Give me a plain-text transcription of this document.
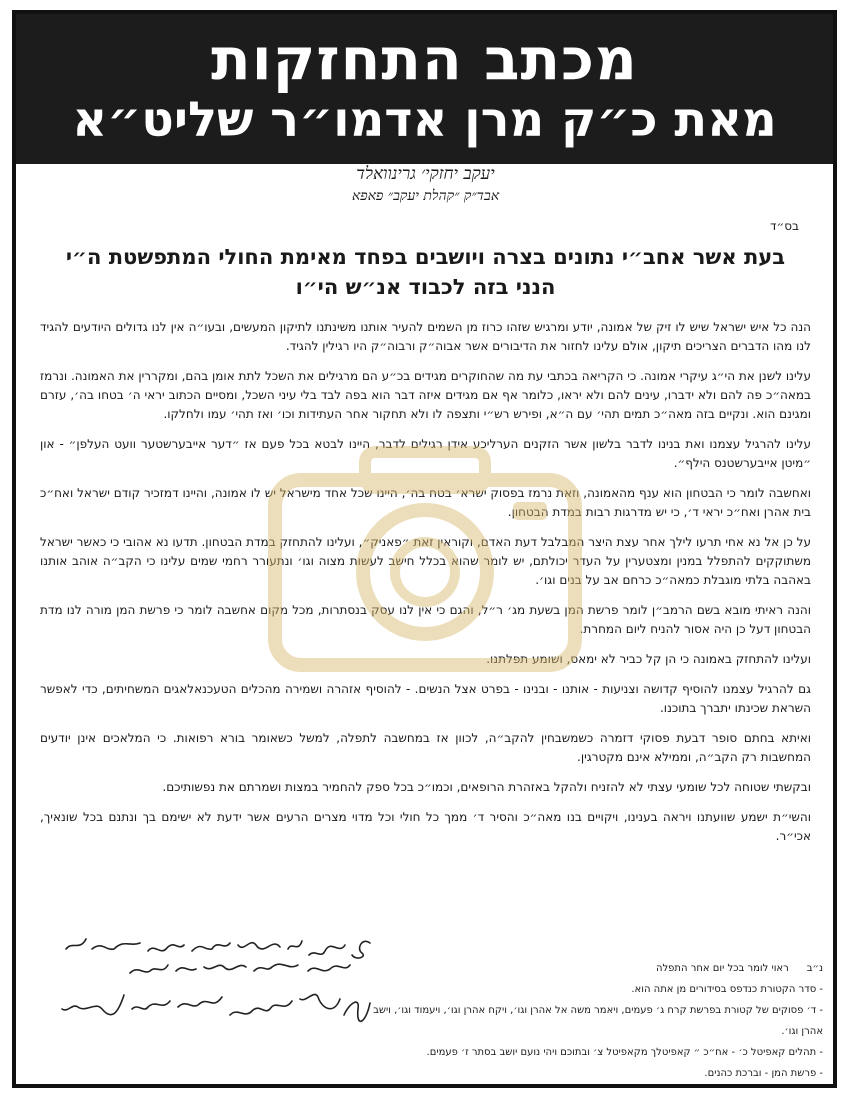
מכתב התחזקות
מאת כ״ק מרן אדמו״ר שליט״א
יעקב יחזקי׳ גרינוואלד
אבד״ק ״קהלת יעקב״ פאפא
בס״ד
בעת אשר אחב״י נתונים בצרה ויושבים בפחד מאימת החולי המתפשטת ה״י
הנני בזה לכבוד אנ״ש הי״ו

הנה כל איש ישראל שיש לו זיק של אמונה, יודע ומרגיש שזהו כרוז מן השמים להעיר אותנו משינתנו לתיקון המעשים, ובעו״ה אין לנו גדולים היודעים להגיד לנו מהו הדברים הצריכים תיקון, אולם עלינו לחזור את הדיבורים אשר אבוה״ק ורבוה״ק היו רגילין להגיד.

עלינו לשנן את הי״ג עיקרי אמונה. כי הקריאה בכתבי עת מה שהחוקרים מגידים בכ״ע הם מרגילים את השכל לתת אומן בהם, ומקררין את האמונה. ונרמז במאה״כ פה להם ולא ידברו, עינים להם ולא יראו, כלומר אף אם מגידים איזה דבר הוא בפה לבד בלי עיני השכל, ומסיים הכתוב יראי ה׳ בטחו בה׳, עזרם ומגינם הוא. ונקיים בזה מאה״כ תמים תהי׳ עם ה״א, ופירש רש״י ותצפה לו ולא תחקור אחר העתידות וכו׳ ואז תהי׳ עמו ולחלקו.

עלינו להרגיל עצמנו ואת בנינו לדבר בלשון אשר הזקנים הערליכע אידן רגילים לדבר, היינו לבטא בכל פעם אז ״דער אייבערשטער וועט העלפן״ - און ״מיטן אייבערשטנס הילף״.

ואחשבה לומר כי הבטחון הוא ענף מהאמונה, וזאת נרמז בפסוק ישרא׳ בטח בה׳, היינו שכל אחד מישראל יש לו אמונה, והיינו דמזכיר קודם ישראל ואח״כ בית אהרן ואח״כ יראי ד׳, כי יש מדרגות רבות במדת הבטחון.

על כן אל נא אחי תרעו לילך אחר עצת היצר המבלבל דעת האדם, וקוראין זאת ״פאניק״, ועלינו להתחזק במדת הבטחון. תדעו נא אהובי כי כאשר ישראל משתוקקים להתפלל במנין ומצטערין על העדר יכולתם, יש לומר שהוא בכלל חישב לעשות מצוה וגו׳ ונתעורר רחמי שמים עלינו כי הקב״ה אוהב אותנו באהבה בלתי מוגבלת כמאה״כ כרחם אב על בנים וגו׳.

והנה ראיתי מובא בשם הרמב״ן לומר פרשת המן בשעת מג׳ ר״ל, והגם כי אין לנו עסק בנסתרות, מכל מקום אחשבה לומר כי פרשת המן מורה לנו מדת הבטחון דעל כן היה אסור להניח ליום המחרת.

ועלינו להתחזק באמונה כי הן קל כביר לא ימאס, ושומע תפלתנו.

גם להרגיל עצמנו להוסיף קדושה וצניעות - אותנו - ובנינו - בפרט אצל הנשים. - להוסיף אזהרה ושמירה מהכלים הטעכנאלאגים המשחיתים, כדי לאפשר השראת שכינתו יתברך בתוכנו.

ואיתא בחתם סופר דבעת פסוקי דזמרה כשמשבחין להקב״ה, לכוון אז במחשבה לתפלה, למשל כשאומר בורא רפואות. כי המלאכים אינן יודעים המחשבות רק הקב״ה, וממילא אינם מקטרגין.

ובקשתי שטוחה לכל שומעי עצתי לא להזניח ולהקל באזהרת הרופאים, וכמו״כ בכל ספק להחמיר במצות ושמרתם את נפשותיכם.

והשי״ת ישמע שוועתנו ויראה בענינו, ויקויים בנו מאה״כ והסיר ד׳ ממך כל חולי וכל מדוי מצרים הרעים אשר ידעת לא ישימם בך ונתנם בכל שונאיך, אכי״ר.

נ״ב
ראוי לומר בכל יום אחר התפלה
- סדר הקטורת כנדפס בסידורים מן אתה הוא.
- ד׳ פסוקים של קטורת בפרשת קרח ג׳ פעמים, ויאמר משה אל אהרן וגו׳, ויקח אהרן וגו׳, ויעמוד וגו׳, וישב אהרן וגו׳.
- תהלים קאפיטל כ׳ - אח״כ ״ קאפיטלך מקאפיטל צ׳ ובתוכם ויהי נועם יושב בסתר ז׳ פעמים.
- פרשת המן - וברכת כהנים.
